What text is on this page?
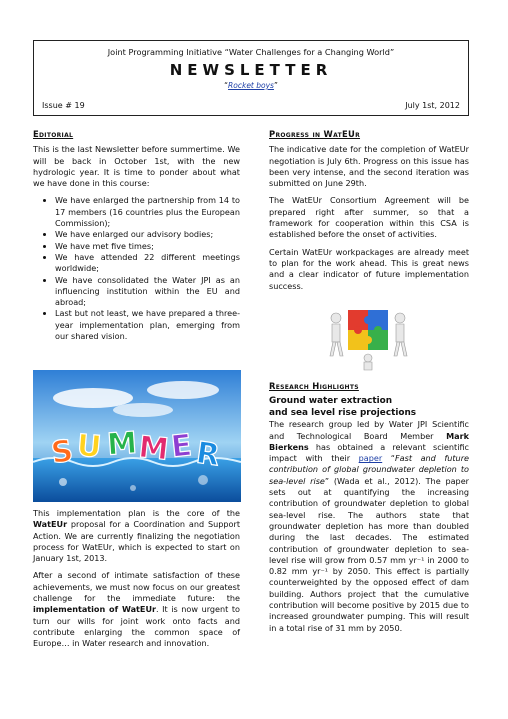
Joint Programming Initiative “Water Challenges for a Changing World”
NEWSLETTER
“Rocket boys”
Issue # 19	July 1st, 2012
Editorial

This is the last Newsletter before summertime. We will be back in October 1st, with the new hydrologic year. It is time to ponder about what we have done in this course:

• We have enlarged the partnership from 14 to 17 members (16 countries plus the European Commission);
• We have enlarged our advisory bodies;
• We have met five times;
• We have attended 22 different meetings worldwide;
• We have consolidated the Water JPI as an influencing institution within the EU and abroad;
• Last but not least, we have prepared a three-year implementation plan, emerging from our shared vision.
S U M
M E R

This implementation plan is the core of the WatEUr proposal for a Coordination and Support Action. We are currently finalizing the negotiation process for WatEUr, which is expected to start on January 1st, 2013.

After a second of intimate satisfaction of these achievements, we must now focus on our greatest challenge for the immediate future: the implementation of WatEUr. It is now urgent to turn our wills for joint work onto facts and contribute enlarging the common space of Europe… in Water research and innovation.

Progress in WatEUr

The indicative date for the completion of WatEUr negotiation is July 6th. Progress on this issue has been very intense, and the second iteration was submitted on June 29th.

The WatEUr Consortium Agreement will be prepared right after summer, so that a framework for cooperation within this CSA is established before the onset of activities.

Certain WatEUr workpackages are already meet to plan for the work ahead. This is great news and a clear indicator of future implementation success.

Research Highlights
Ground water extraction
and sea level rise projections

The research group led by Water JPI Scientific and Technological Board Member Mark Bierkens has obtained a relevant scientific impact with their paper “Fast and future contribution of global groundwater depletion to sea-level rise” (Wada et al., 2012). The paper sets out at quantifying the increasing contribution of groundwater depletion to global sea-level rise. The authors state that groundwater depletion has more than doubled during the last decades. The estimated contribution of groundwater depletion to sea-level rise will grow from 0.57 mm yr⁻¹ in 2000 to 0.82 mm yr⁻¹ by 2050. This effect is partially counterweighted by the opposed effect of dam building. Authors project that the cumulative contribution will become positive by 2015 due to increased groundwater pumping. This will result in a total rise of 31 mm by 2050.
